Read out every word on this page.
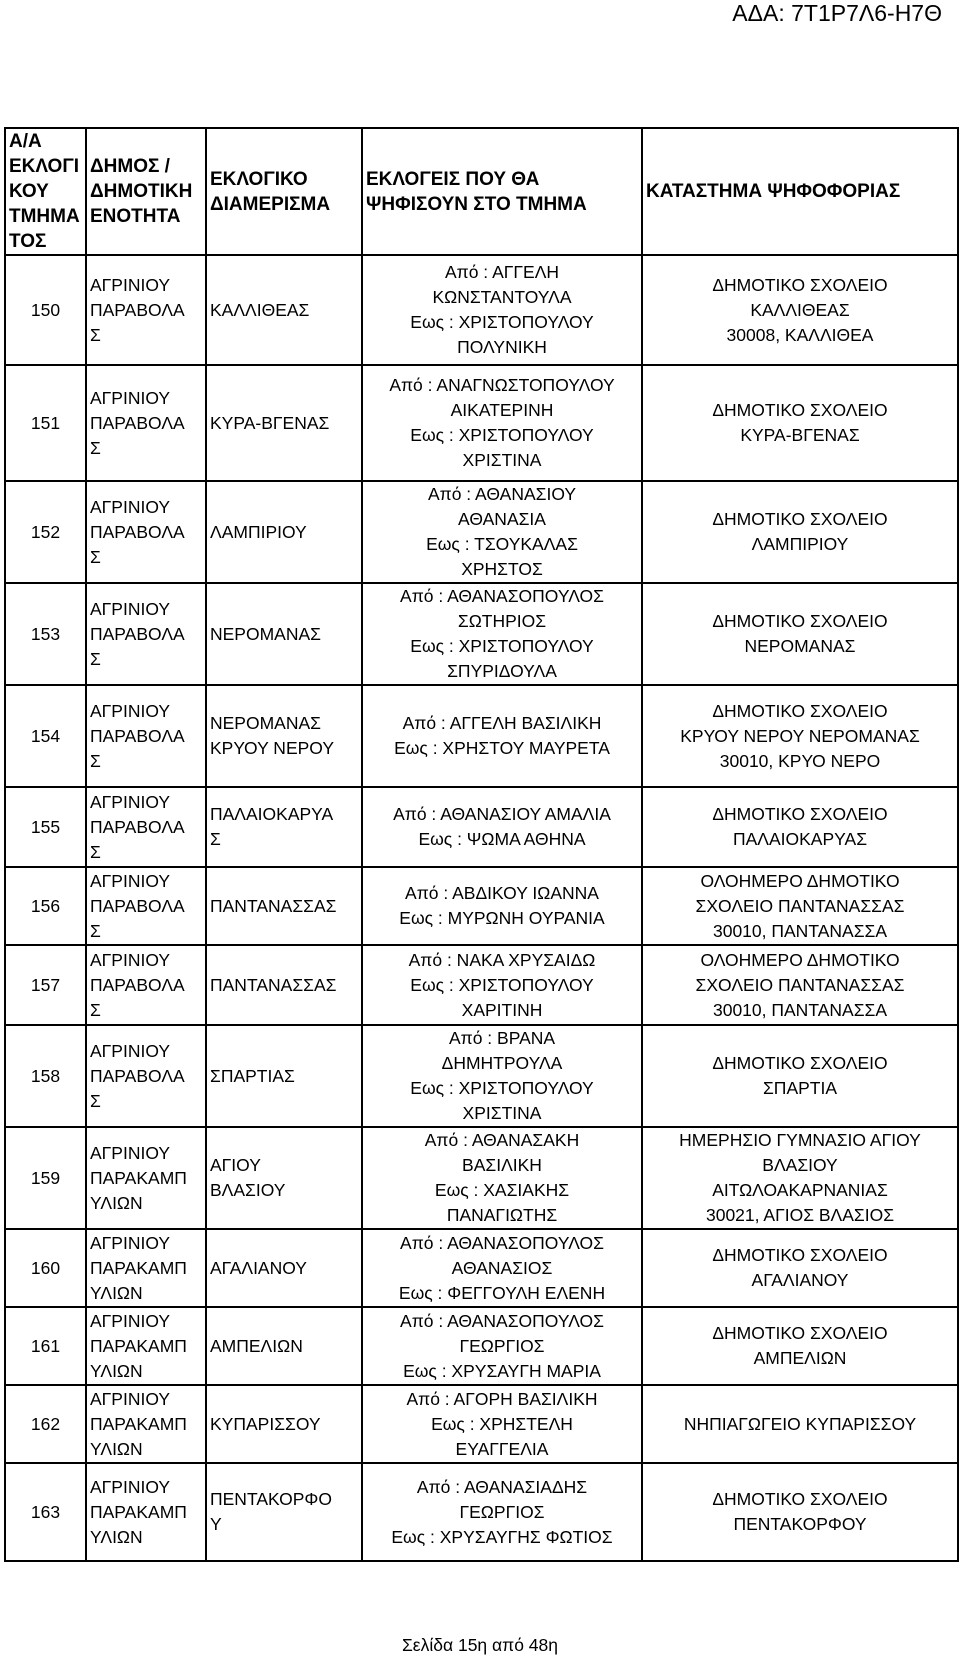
ΑΔΑ: 7Τ1Ρ7Λ6-Η7Θ
Α/Α
ΕΚΛΟΓΙ
ΚΟΥ
ΤΜΗΜΑ
ΤΟΣ	ΔΗΜΟΣ /
ΔΗΜΟΤΙΚΗ
ΕΝΟΤΗΤΑ	ΕΚΛΟΓΙΚΟ
ΔΙΑΜΕΡΙΣΜΑ	ΕΚΛΟΓΕΙΣ ΠΟΥ ΘΑ
ΨΗΦΙΣΟΥΝ ΣΤΟ ΤΜΗΜΑ	ΚΑΤΑΣΤΗΜΑ ΨΗΦΟΦΟΡΙΑΣ

150	ΑΓΡΙΝΙΟΥ
ΠΑΡΑΒΟΛΑ
Σ	ΚΑΛΛΙΘΕΑΣ	Από : ΑΓΓΕΛΗ
ΚΩΝΣΤΑΝΤΟΥΛΑ
Εως : ΧΡΙΣΤΟΠΟΥΛΟΥ
ΠΟΛΥΝΙΚΗ	ΔΗΜΟΤΙΚΟ ΣΧΟΛΕΙΟ
ΚΑΛΛΙΘΕΑΣ
30008, ΚΑΛΛΙΘΕΑ

151	ΑΓΡΙΝΙΟΥ
ΠΑΡΑΒΟΛΑ
Σ	ΚΥΡΑ-ΒΓΕΝΑΣ	Από : ΑΝΑΓΝΩΣΤΟΠΟΥΛΟΥ
ΑΙΚΑΤΕΡΙΝΗ
Εως : ΧΡΙΣΤΟΠΟΥΛΟΥ
ΧΡΙΣΤΙΝΑ	ΔΗΜΟΤΙΚΟ ΣΧΟΛΕΙΟ
ΚΥΡΑ-ΒΓΕΝΑΣ

152	ΑΓΡΙΝΙΟΥ
ΠΑΡΑΒΟΛΑ
Σ	ΛΑΜΠΙΡΙΟΥ	Από : ΑΘΑΝΑΣΙΟΥ
ΑΘΑΝΑΣΙΑ
Εως : ΤΣΟΥΚΑΛΑΣ
ΧΡΗΣΤΟΣ	ΔΗΜΟΤΙΚΟ ΣΧΟΛΕΙΟ
ΛΑΜΠΙΡΙΟΥ

153	ΑΓΡΙΝΙΟΥ
ΠΑΡΑΒΟΛΑ
Σ	ΝΕΡΟΜΑΝΑΣ	Από : ΑΘΑΝΑΣΟΠΟΥΛΟΣ
ΣΩΤΗΡΙΟΣ
Εως : ΧΡΙΣΤΟΠΟΥΛΟΥ
ΣΠΥΡΙΔΟΥΛΑ	ΔΗΜΟΤΙΚΟ ΣΧΟΛΕΙΟ
ΝΕΡΟΜΑΝΑΣ

154	ΑΓΡΙΝΙΟΥ
ΠΑΡΑΒΟΛΑ
Σ	ΝΕΡΟΜΑΝΑΣ
ΚΡΥΟΥ ΝΕΡΟΥ	Από : ΑΓΓΕΛΗ ΒΑΣΙΛΙΚΗ
Εως : ΧΡΗΣΤΟΥ ΜΑΥΡΕΤΑ	ΔΗΜΟΤΙΚΟ ΣΧΟΛΕΙΟ
ΚΡΥΟΥ ΝΕΡΟΥ ΝΕΡΟΜΑΝΑΣ
30010, ΚΡΥΟ ΝΕΡΟ

155	ΑΓΡΙΝΙΟΥ
ΠΑΡΑΒΟΛΑ
Σ	ΠΑΛΑΙΟΚΑΡΥΑ
Σ	Από : ΑΘΑΝΑΣΙΟΥ ΑΜΑΛΙΑ
Εως : ΨΩΜΑ ΑΘΗΝΑ	ΔΗΜΟΤΙΚΟ ΣΧΟΛΕΙΟ
ΠΑΛΑΙΟΚΑΡΥΑΣ

156	ΑΓΡΙΝΙΟΥ
ΠΑΡΑΒΟΛΑ
Σ	ΠΑΝΤΑΝΑΣΣΑΣ	Από : ΑΒΔΙΚΟΥ ΙΩΑΝΝΑ
Εως : ΜΥΡΩΝΗ ΟΥΡΑΝΙΑ	ΟΛΟΗΜΕΡΟ ΔΗΜΟΤΙΚΟ
ΣΧΟΛΕΙΟ ΠΑΝΤΑΝΑΣΣΑΣ
30010, ΠΑΝΤΑΝΑΣΣΑ

157	ΑΓΡΙΝΙΟΥ
ΠΑΡΑΒΟΛΑ
Σ	ΠΑΝΤΑΝΑΣΣΑΣ	Από : ΝΑΚΑ ΧΡΥΣΑΙΔΩ
Εως : ΧΡΙΣΤΟΠΟΥΛΟΥ
ΧΑΡΙΤΙΝΗ	ΟΛΟΗΜΕΡΟ ΔΗΜΟΤΙΚΟ
ΣΧΟΛΕΙΟ ΠΑΝΤΑΝΑΣΣΑΣ
30010, ΠΑΝΤΑΝΑΣΣΑ

158	ΑΓΡΙΝΙΟΥ
ΠΑΡΑΒΟΛΑ
Σ	ΣΠΑΡΤΙΑΣ	Από : ΒΡΑΝΑ
ΔΗΜΗΤΡΟΥΛΑ
Εως : ΧΡΙΣΤΟΠΟΥΛΟΥ
ΧΡΙΣΤΙΝΑ	ΔΗΜΟΤΙΚΟ ΣΧΟΛΕΙΟ
ΣΠΑΡΤΙΑ

159	ΑΓΡΙΝΙΟΥ
ΠΑΡΑΚΑΜΠ
ΥΛΙΩΝ	ΑΓΙΟΥ
ΒΛΑΣΙΟΥ	Από : ΑΘΑΝΑΣΑΚΗ
ΒΑΣΙΛΙΚΗ
Εως : ΧΑΣΙΑΚΗΣ
ΠΑΝΑΓΙΩΤΗΣ	ΗΜΕΡΗΣΙΟ ΓΥΜΝΑΣΙΟ ΑΓΙΟΥ
ΒΛΑΣΙΟΥ
ΑΙΤΩΛΟΑΚΑΡΝΑΝΙΑΣ
30021, ΑΓΙΟΣ ΒΛΑΣΙΟΣ

160	ΑΓΡΙΝΙΟΥ
ΠΑΡΑΚΑΜΠ
ΥΛΙΩΝ	ΑΓΑΛΙΑΝΟΥ	Από : ΑΘΑΝΑΣΟΠΟΥΛΟΣ
ΑΘΑΝΑΣΙΟΣ
Εως : ΦΕΓΓΟΥΛΗ ΕΛΕΝΗ	ΔΗΜΟΤΙΚΟ ΣΧΟΛΕΙΟ
ΑΓΑΛΙΑΝΟΥ

161	ΑΓΡΙΝΙΟΥ
ΠΑΡΑΚΑΜΠ
ΥΛΙΩΝ	ΑΜΠΕΛΙΩΝ	Από : ΑΘΑΝΑΣΟΠΟΥΛΟΣ
ΓΕΩΡΓΙΟΣ
Εως : ΧΡΥΣΑΥΓΗ ΜΑΡΙΑ	ΔΗΜΟΤΙΚΟ ΣΧΟΛΕΙΟ
ΑΜΠΕΛΙΩΝ

162	ΑΓΡΙΝΙΟΥ
ΠΑΡΑΚΑΜΠ
ΥΛΙΩΝ	ΚΥΠΑΡΙΣΣΟΥ	Από : ΑΓΟΡΗ ΒΑΣΙΛΙΚΗ
Εως : ΧΡΗΣΤΕΛΗ
ΕΥΑΓΓΕΛΙΑ	ΝΗΠΙΑΓΩΓΕΙΟ ΚΥΠΑΡΙΣΣΟΥ

163	ΑΓΡΙΝΙΟΥ
ΠΑΡΑΚΑΜΠ
ΥΛΙΩΝ	ΠΕΝΤΑΚΟΡΦΟ
Υ	Από : ΑΘΑΝΑΣΙΑΔΗΣ
ΓΕΩΡΓΙΟΣ
Εως : ΧΡΥΣΑΥΓΗΣ ΦΩΤΙΟΣ	ΔΗΜΟΤΙΚΟ ΣΧΟΛΕΙΟ
ΠΕΝΤΑΚΟΡΦΟΥ
Σελίδα 15η από 48η
